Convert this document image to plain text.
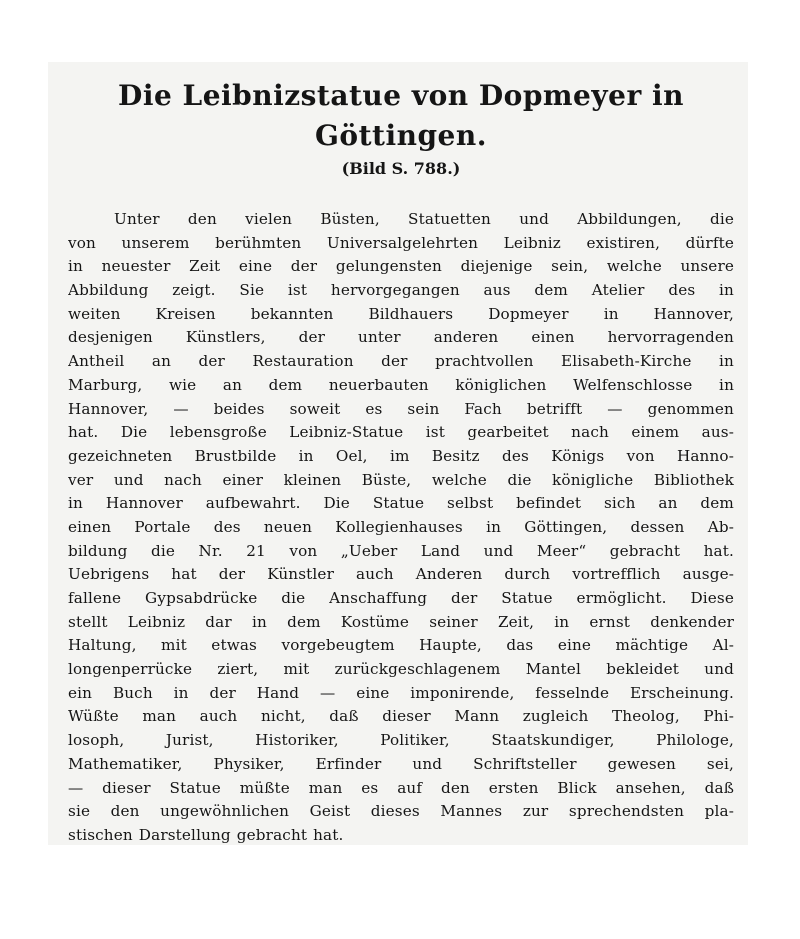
Die Leibnizstatue von Dopmeyer in Göttingen.
(Bild S. 788.)
Unter den vielen Büsten, Statuetten und Abbildungen, die
von unserem berühmten Universalgelehrten Leibniz existiren, dürfte
in neuester Zeit eine der gelungensten diejenige sein, welche unsere
Abbildung zeigt. Sie ist hervorgegangen aus dem Atelier des in
weiten Kreisen bekannten Bildhauers Dopmeyer in Hannover,
desjenigen Künstlers, der unter anderen einen hervorragenden
Antheil an der Restauration der prachtvollen Elisabeth-Kirche in
Marburg, wie an dem neuerbauten königlichen Welfenschlosse in
Hannover, — beides soweit es sein Fach betrifft — genommen
hat. Die lebensgroße Leibniz-Statue ist gearbeitet nach einem aus-
gezeichneten Brustbilde in Oel, im Besitz des Königs von Hanno-
ver und nach einer kleinen Büste, welche die königliche Bibliothek
in Hannover aufbewahrt. Die Statue selbst befindet sich an dem
einen Portale des neuen Kollegienhauses in Göttingen, dessen Ab-
bildung die Nr. 21 von „Ueber Land und Meer“ gebracht hat.
Uebrigens hat der Künstler auch Anderen durch vortrefflich ausge-
fallene Gypsabdrücke die Anschaffung der Statue ermöglicht. Diese
stellt Leibniz dar in dem Kostüme seiner Zeit, in ernst denkender
Haltung, mit etwas vorgebeugtem Haupte, das eine mächtige Al-
longenperrücke ziert, mit zurückgeschlagenem Mantel bekleidet und
ein Buch in der Hand — eine imponirende, fesselnde Erscheinung.
Wüßte man auch nicht, daß dieser Mann zugleich Theolog, Phi-
losoph, Jurist, Historiker, Politiker, Staatskundiger, Philologe,
Mathematiker, Physiker, Erfinder und Schriftsteller gewesen sei,
— dieser Statue müßte man es auf den ersten Blick ansehen, daß
sie den ungewöhnlichen Geist dieses Mannes zur sprechendsten pla-
stischen Darstellung gebracht hat.
